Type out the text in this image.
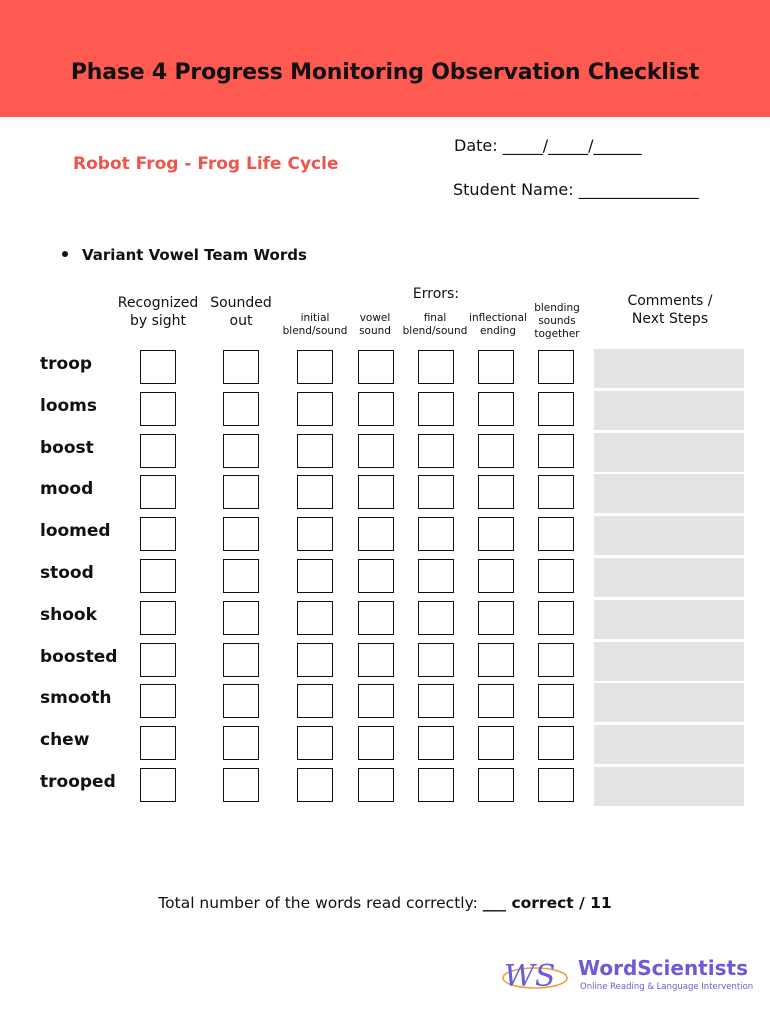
Phase 4 Progress Monitoring Observation Checklist
Robot Frog - Frog Life Cycle
Date: _____/_____/______
Student Name: _______________
Variant Vowel Team Words
Recognized
by sight
Sounded
out
Errors:
initial
blend/sound
vowel
sound
final
blend/sound
inflectional
ending
blending
sounds
together
Comments /
Next Steps
troop
looms
boost
mood
loomed
stood
shook
boosted
smooth
chew
trooped
Total number of the words read correctly: ___ correct / 11
WS WordScientists
Online Reading & Language Intervention
